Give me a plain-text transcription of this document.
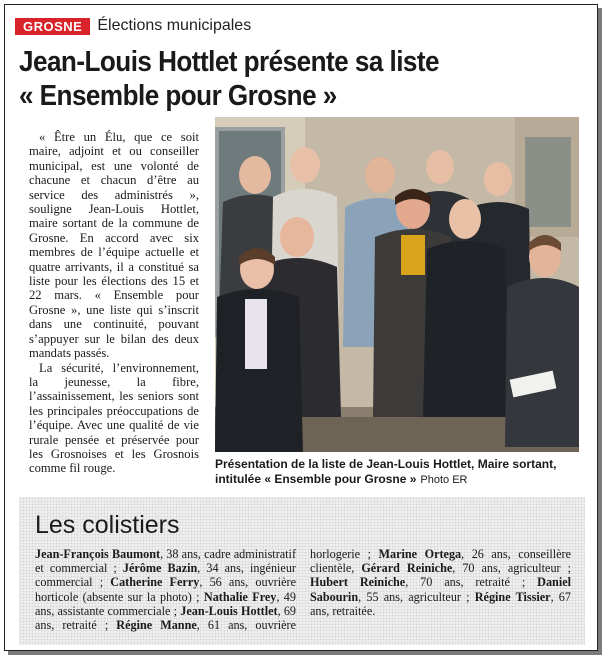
GROSNE Élections municipales
Jean-Louis Hottlet présente sa liste
« Ensemble pour Grosne »

« Être un Élu, que ce soit maire, adjoint et ou conseiller municipal, est une volonté de chacune et chacun d’être au service des administrés », souligne Jean-Louis Hottlet, maire sortant de la commune de Grosne. En accord avec six membres de l’équipe actuelle et quatre arrivants, il a constitué sa liste pour les élections des 15 et 22 mars. « Ensemble pour Grosne », une liste qui s’inscrit dans une continuité, pouvant s’appuyer sur le bilan des deux mandats passés.

La sécurité, l’environnement, la jeunesse, la fibre, l’assainissement, les seniors sont les principales préoccupations de l’équipe. Avec une qualité de vie rurale pensée et préservée pour les Grosnoises et les Grosnois comme fil rouge.	Présentation de la liste de Jean-Louis Hottlet, Maire sortant, intitulée « Ensemble pour Grosne » Photo ER
Les colistiers
Jean-François Baumont, 38 ans, cadre administratif et commercial ; Jérôme Bazin, 34 ans, ingénieur commercial ; Catherine Ferry, 56 ans, ouvrière horticole (absente sur la photo) ; Nathalie Frey, 49 ans, assistante commerciale ; Jean-Louis Hottlet, 69 ans, retraité ; Régine Manne, 61 ans, ouvrière horlogerie ; Marine Ortega, 26 ans, conseillère clientèle, Gérard Reiniche, 70 ans, agriculteur ; Hubert Reiniche, 70 ans, retraité ; Daniel Sabourin, 55 ans, agriculteur ; Régine Tissier, 67 ans, retraitée.
